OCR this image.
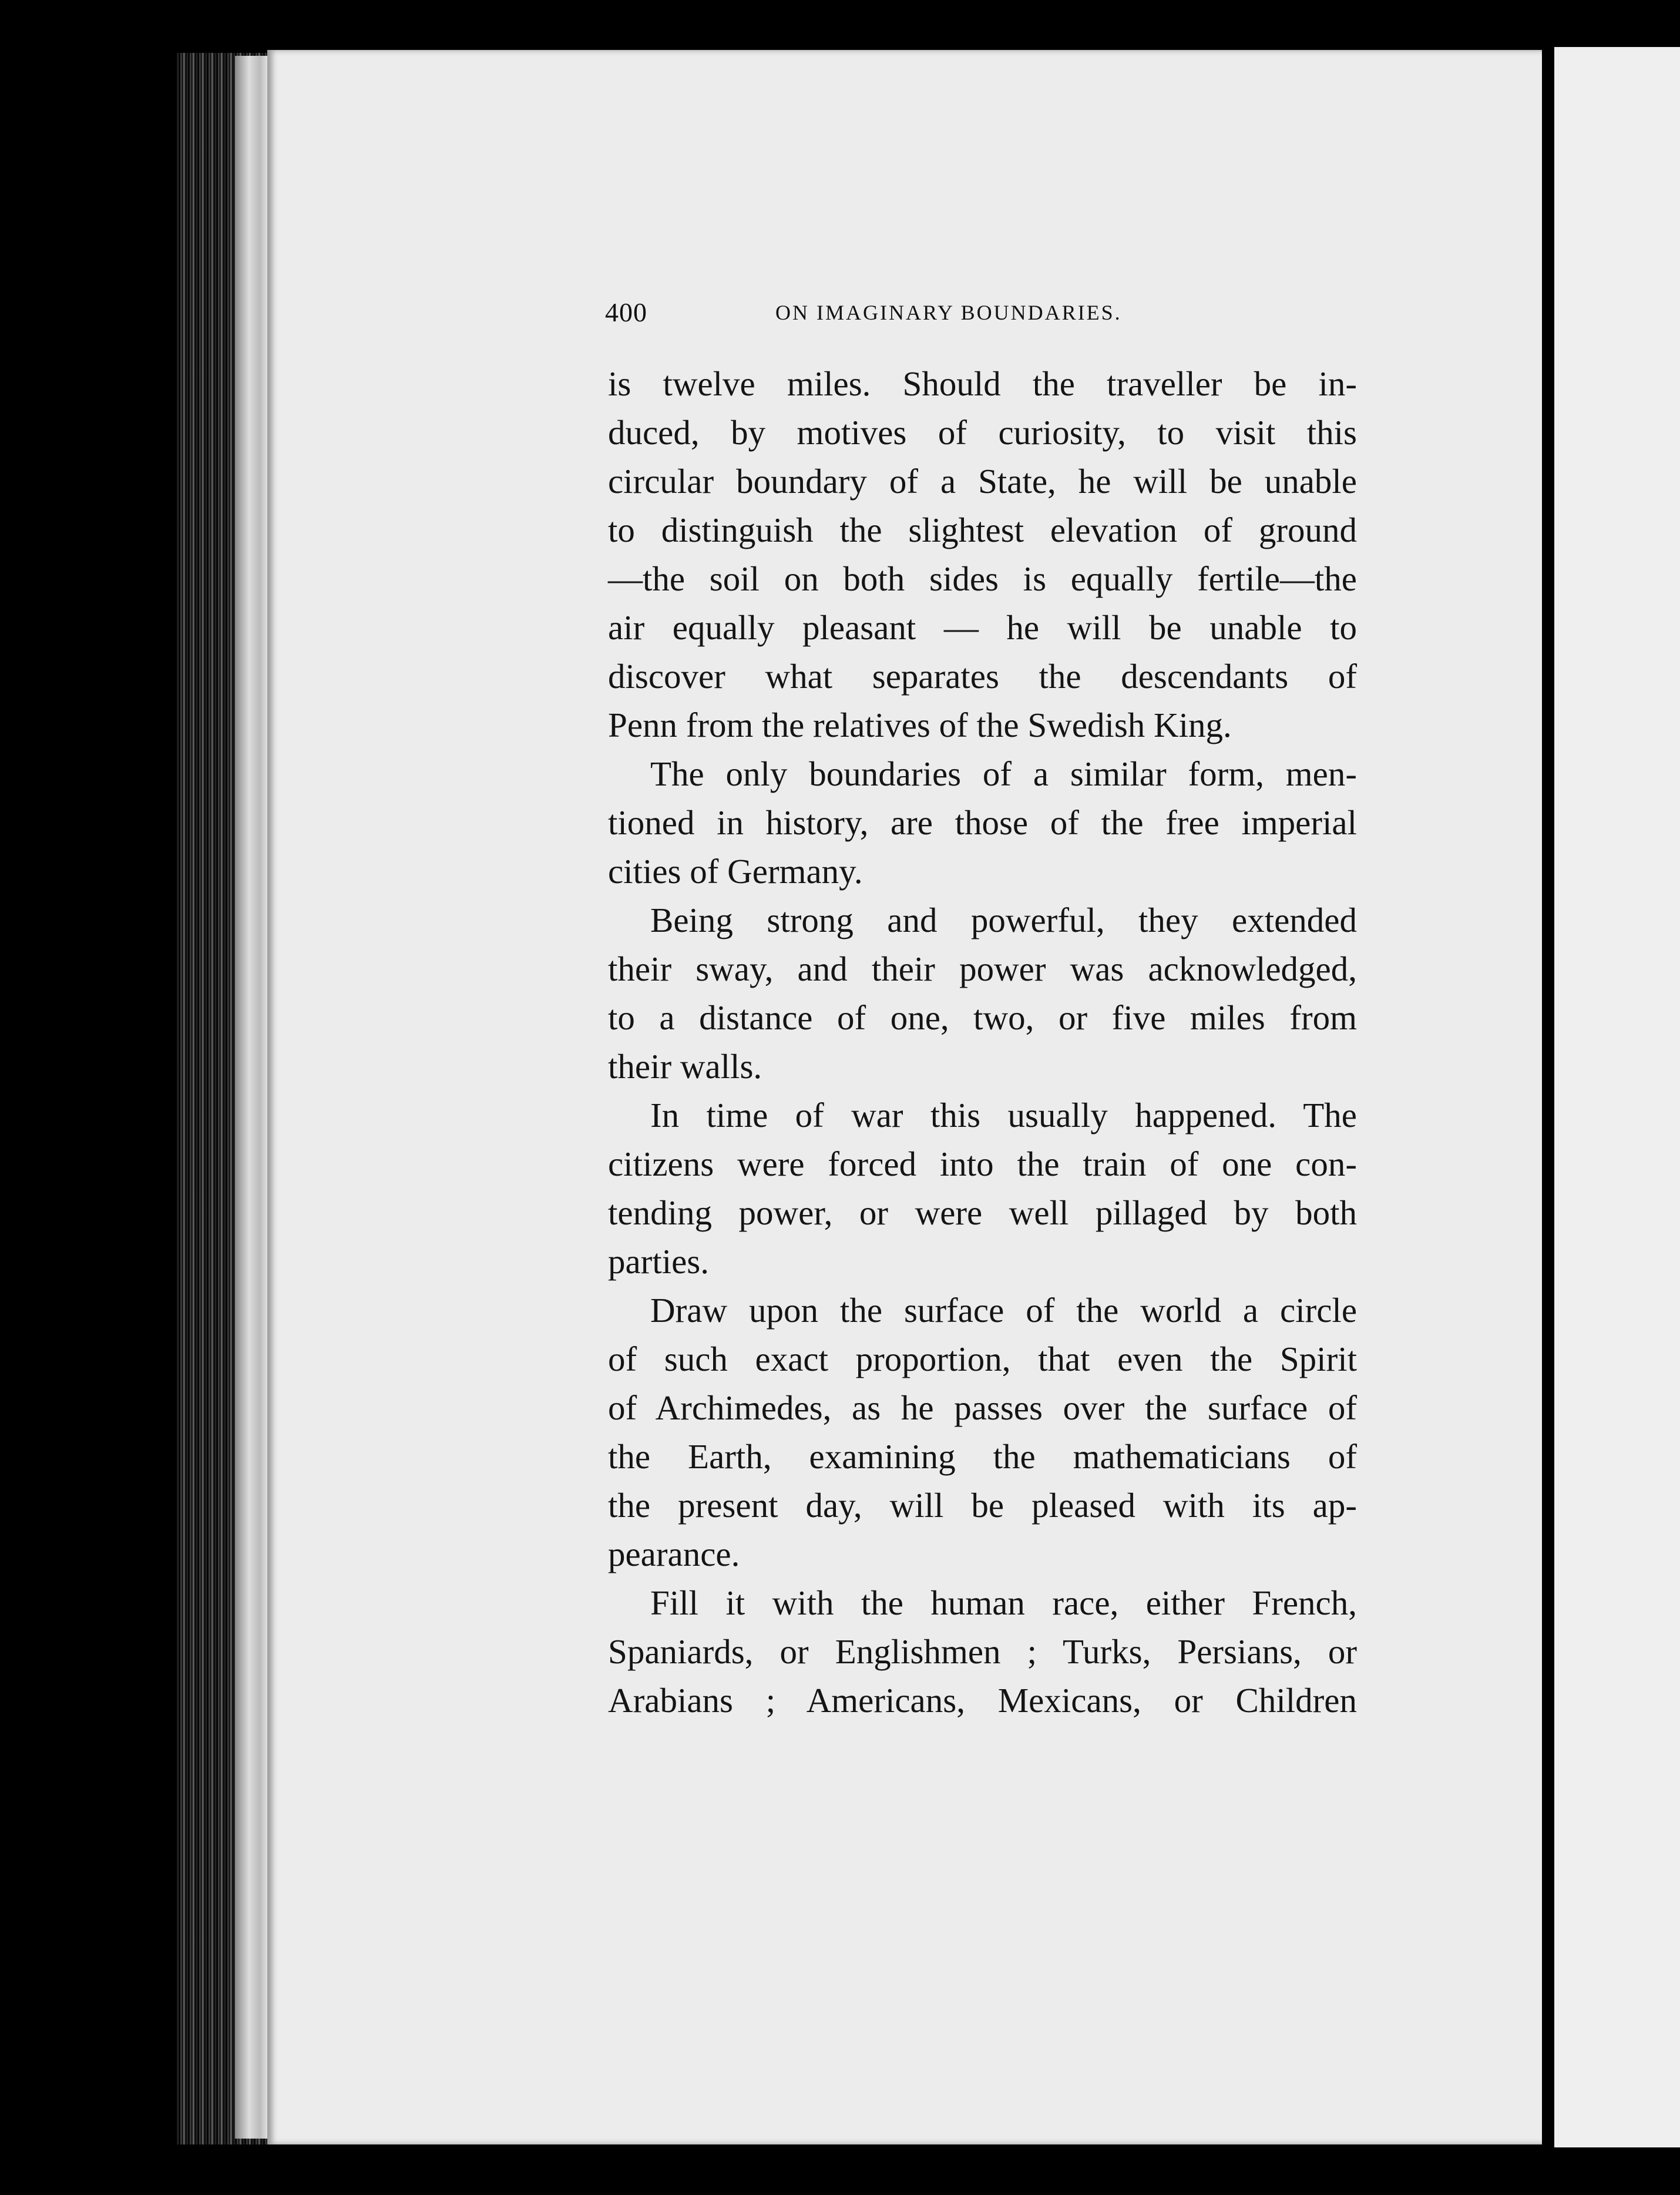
400	ON IMAGINARY BOUNDARIES.
is twelve miles. Should the traveller be in-
duced, by motives of curiosity, to visit this
circular boundary of a State, he will be unable
to distinguish the slightest elevation of ground
—the soil on both sides is equally fertile—the
air equally pleasant — he will be unable to
discover what separates the descendants of
Penn from the relatives of the Swedish King.
The only boundaries of a similar form, men-
tioned in history, are those of the free imperial
cities of Germany.
Being strong and powerful, they extended
their sway, and their power was acknowledged,
to a distance of one, two, or five miles from
their walls.
In time of war this usually happened. The
citizens were forced into the train of one con-
tending power, or were well pillaged by both
parties.
Draw upon the surface of the world a circle
of such exact proportion, that even the Spirit
of Archimedes, as he passes over the surface of
the Earth, examining the mathematicians of
the present day, will be pleased with its ap-
pearance.
Fill it with the human race, either French,
Spaniards, or Englishmen ; Turks, Persians, or
Arabians ; Americans, Mexicans, or Children
